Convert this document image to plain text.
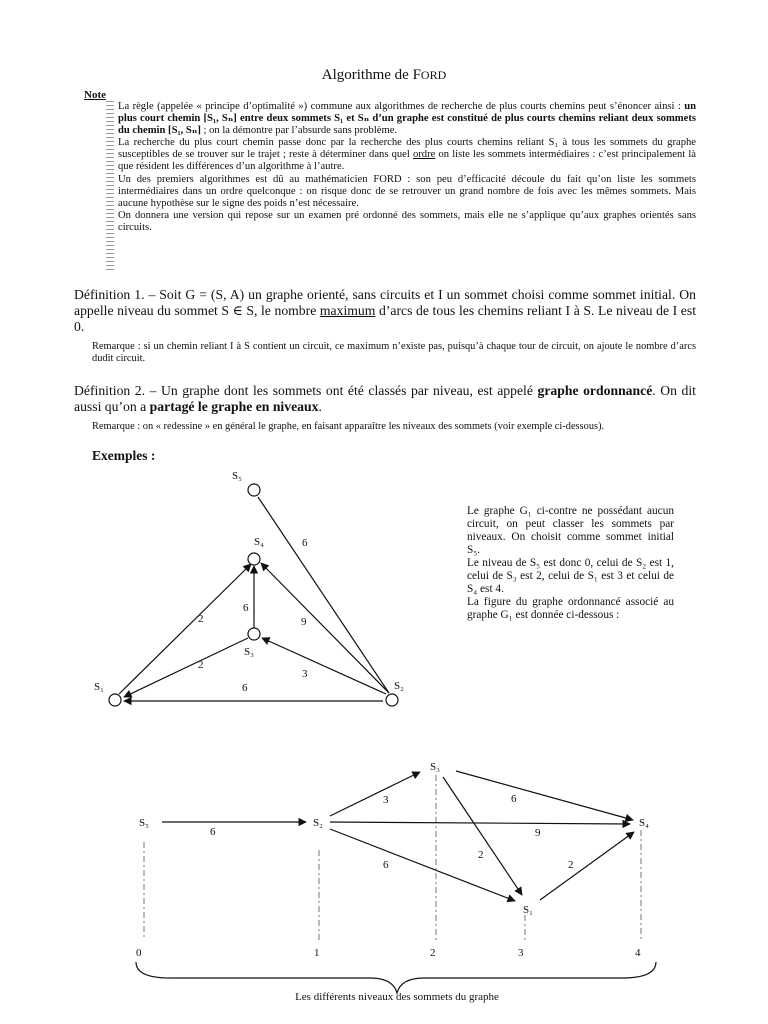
Algorithme de FORD
Note

La règle (appelée « principe d’optimalité ») commune aux algorithmes de recherche de plus courts chemins peut s’énoncer ainsi : un plus court chemin [S₁, Sₙ] entre deux sommets S₁ et Sₙ d’un graphe est constitué de plus courts chemins reliant deux sommets du chemin [S₁, Sₙ] ; on la démontre par l’absurde sans problème.

La recherche du plus court chemin passe donc par la recherche des plus courts chemins reliant S₁ à tous les sommets du graphe susceptibles de se trouver sur le trajet ; reste à déterminer dans quel ordre on liste les sommets intermédiaires : c’est principalement là que résident les différences d’un algorithme à l’autre.

Un des premiers algorithmes est dû au mathématicien FORD : son peu d’efficacité découle du fait qu’on liste les sommets intermédiaires dans un ordre quelconque : on risque donc de se retrouver un grand nombre de fois avec les mêmes sommets. Mais aucune hypothèse sur le signe des poids n’est nécessaire.

On donnera une version qui repose sur un examen pré ordonné des sommets, mais elle ne s’applique qu’aux graphes orientés sans circuits.

Définition 1. – Soit G = (S, A) un graphe orienté, sans circuits et I un sommet choisi comme sommet initial. On appelle niveau du sommet S ∈ S, le nombre maximum d’arcs de tous les chemins reliant I à S. Le niveau de I est 0.
Remarque : si un chemin reliant I à S contient un circuit, ce maximum n’existe pas, puisqu’à chaque tour de circuit, on ajoute le nombre d’arcs dudit circuit.
Définition 2. – Un graphe dont les sommets ont été classés par niveau, est appelé graphe ordonnancé. On dit aussi qu’on a partagé le graphe en niveaux.
Remarque : on « redessine » en général le graphe, en faisant apparaître les niveaux des sommets (voir exemple ci-dessous).
Exemples :
S₅
S₄
S₃
S₁	S₂
6
2
6
9
2
3
6

Le graphe G₁ ci-contre ne possédant aucun circuit, on peut classer les sommets par niveaux. On choisit comme sommet initial S₅.

Le niveau de S₅ est donc 0, celui de S₂ est 1, celui de S₃ est 2, celui de S₁ est 3 et celui de S₄ est 4.

La figure du graphe ordonnancé associé au graphe G₁ est donnée ci-dessous :

S₅	S₂
S₃
S₁
S₄
6
3	6
9
2
6	2
0	1	2	3	4
Les différents niveaux des sommets du graphe
